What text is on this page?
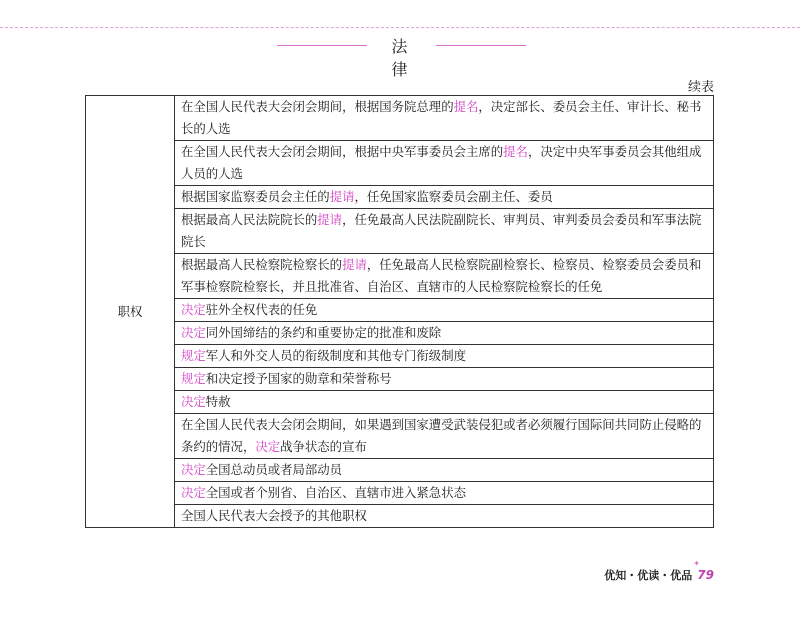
法 律
续表
职权	在全国人民代表大会闭会期间，根据国务院总理的提名，决定部长、委员会主任、审计长、秘书长的人选
在全国人民代表大会闭会期间，根据中央军事委员会主席的提名，决定中央军事委员会其他组成人员的人选
根据国家监察委员会主任的提请，任免国家监察委员会副主任、委员
根据最高人民法院院长的提请，任免最高人民法院副院长、审判员、审判委员会委员和军事法院院长
根据最高人民检察院检察长的提请，任免最高人民检察院副检察长、检察员、检察委员会委员和军事检察院检察长，并且批准省、自治区、直辖市的人民检察院检察长的任免
决定驻外全权代表的任免
决定同外国缔结的条约和重要协定的批准和废除
规定军人和外交人员的衔级制度和其他专门衔级制度
规定和决定授予国家的勋章和荣誉称号
决定特赦
在全国人民代表大会闭会期间，如果遇到国家遭受武装侵犯或者必须履行国际间共同防止侵略的条约的情况，决定战争状态的宣布
决定全国总动员或者局部动员
决定全国或者个别省、自治区、直辖市进入紧急状态
全国人民代表大会授予的其他职权
优知・优读・优品
✦
79
